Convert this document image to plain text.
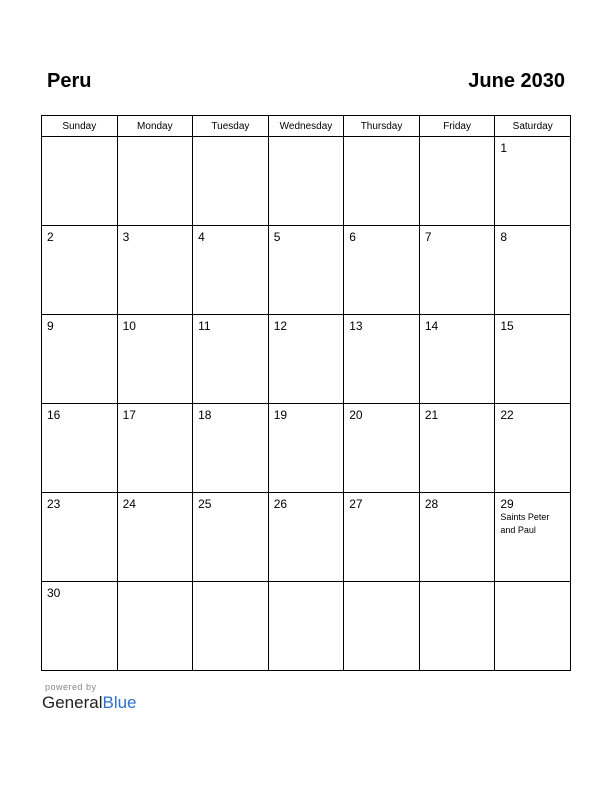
Peru	June 2030
Sunday	Monday	Tuesday	Wednesday	Thursday	Friday	Saturday

						1

2	3	4	5	6	7	8

9	10	11	12	13	14	15

16	17	18	19	20	21	22

23	24	25	26	27	28	29
Saints Peter and Paul

30						

powered by
GeneralBlue
